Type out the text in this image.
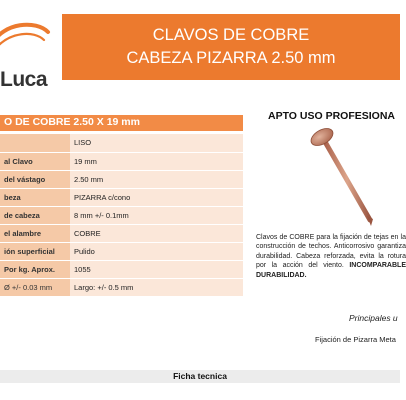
Luca
CLAVOS DE COBRE
CABEZA PIZARRA 2.50 mm
O DE COBRE 2.50 X 19 mm
	LISO
al Clavo	19 mm
del vástago	2.50 mm
beza	PIZARRA c/cono
de cabeza	8 mm +/- 0.1mm
el alambre	COBRE
ión superficial	Pulido
Por kg. Aprox.	1055
Ø +/- 0.03 mm	Largo: +/- 0.5 mm
APTO USO PROFESIONA

Clavos de COBRE para la fijación de tejas en la construcción de techos. Anticorrosivo garantiza durabilidad. Cabeza reforzada, evita la rotura por la acción del viento. INCOMPARABLE DURABILIDAD.

Principales u
Fijación de Pizarra Meta
Ficha tecnica
